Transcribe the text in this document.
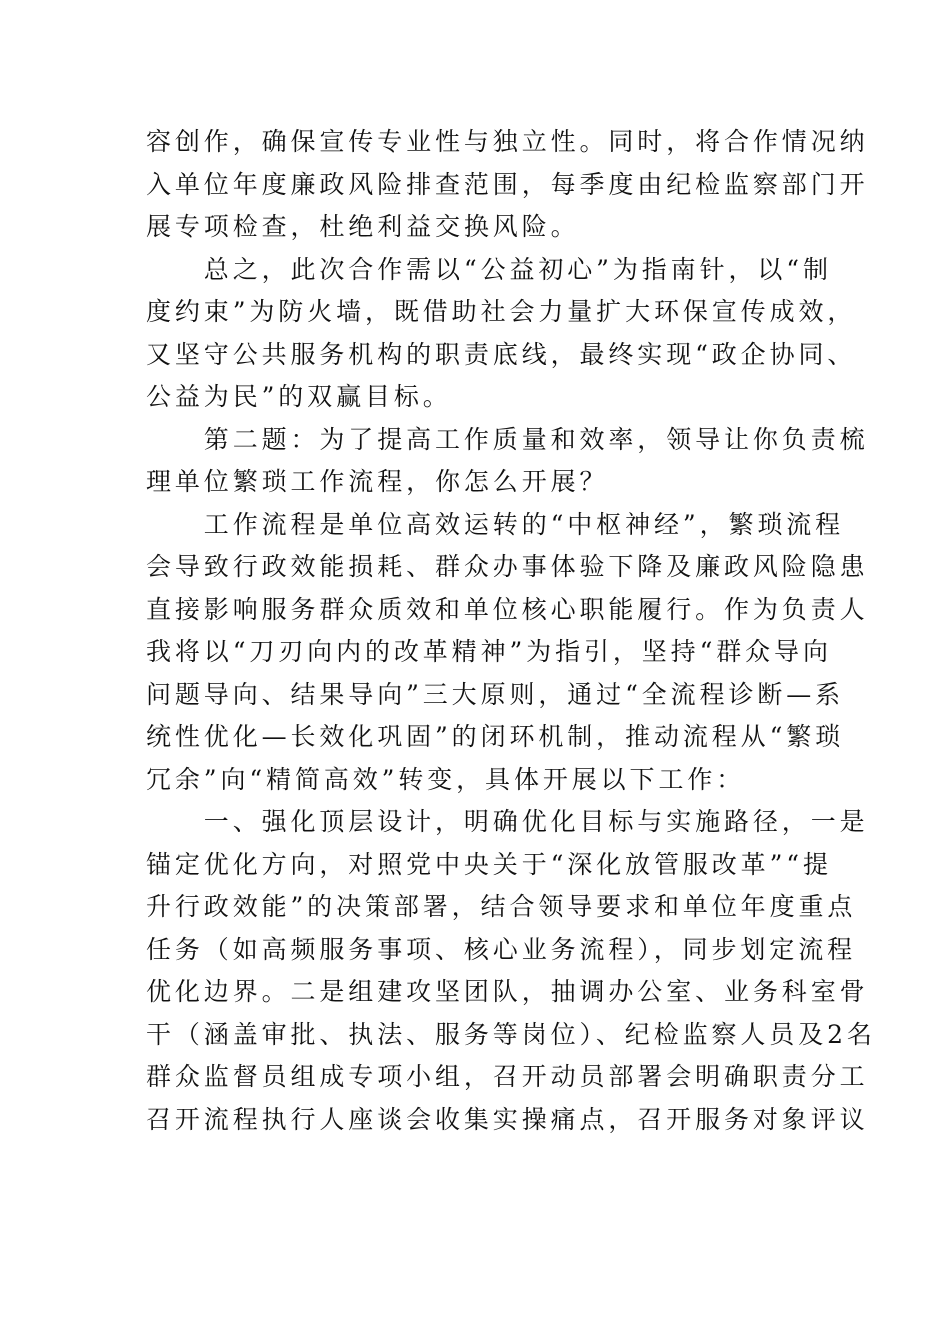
容创作，确保宣传专业性与独立性。同时，将合作情况纳
入单位年度廉政风险排查范围，每季度由纪检监察部门开
展专项检查，杜绝利益交换风险。
　　总之，此次合作需以“公益初心”为指南针，以“制
度约束”为防火墙，既借助社会力量扩大环保宣传成效，
又坚守公共服务机构的职责底线，最终实现“政企协同、
公益为民”的双赢目标。
　　第二题：为了提高工作质量和效率，领导让你负责梳
理单位繁琐工作流程，你怎么开展？
　　工作流程是单位高效运转的“中枢神经”，繁琐流程
会导致行政效能损耗、群众办事体验下降及廉政风险隐患
直接影响服务群众质效和单位核心职能履行。作为负责人
我将以“刀刃向内的改革精神”为指引，坚持“群众导向
问题导向、结果导向”三大原则，通过“全流程诊断—系
统性优化—长效化巩固”的闭环机制，推动流程从“繁琐
冗余”向“精简高效”转变，具体开展以下工作：
　　一、强化顶层设计，明确优化目标与实施路径，一是
锚定优化方向，对照党中央关于“深化放管服改革”“提
升行政效能”的决策部署，结合领导要求和单位年度重点
任务（如高频服务事项、核心业务流程），同步划定流程
优化边界。二是组建攻坚团队，抽调办公室、业务科室骨
干（涵盖审批、执法、服务等岗位）、纪检监察人员及2名
群众监督员组成专项小组，召开动员部署会明确职责分工
召开流程执行人座谈会收集实操痛点，召开服务对象评议
